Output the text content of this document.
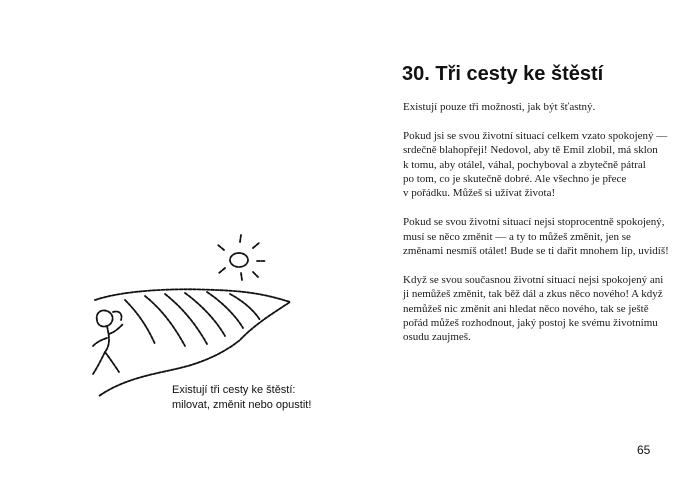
Existují tři cesty ke štěstí:
milovat, změnit nebo opustit!
30. Tři cesty ke štěstí
Existují pouze tři možnosti, jak být šťastný.
Pokud jsi se svou životní situací celkem vzato spokojený —
srdečně blahopřeji! Nedovol, aby tě Emil zlobil, má sklon
k tomu, aby otálel, váhal, pochyboval a zbytečně pátral
po tom, co je skutečně dobré. Ale všechno je přece
v pořádku. Můžeš si užívat života!
Pokud se svou životní situací nejsi stoprocentně spokojený,
musí se něco změnit — a ty to můžeš změnit, jen se
změnami nesmíš otálet! Bude se ti dařit mnohem líp, uvidíš!
Když se svou současnou životní situací nejsi spokojený ani
ji nemůžeš změnit, tak běž dál a zkus něco nového! A když
nemůžeš nic změnit ani hledat něco nového, tak se ještě
pořád můžeš rozhodnout, jaký postoj ke svému životnímu
osudu zaujmeš.
65
